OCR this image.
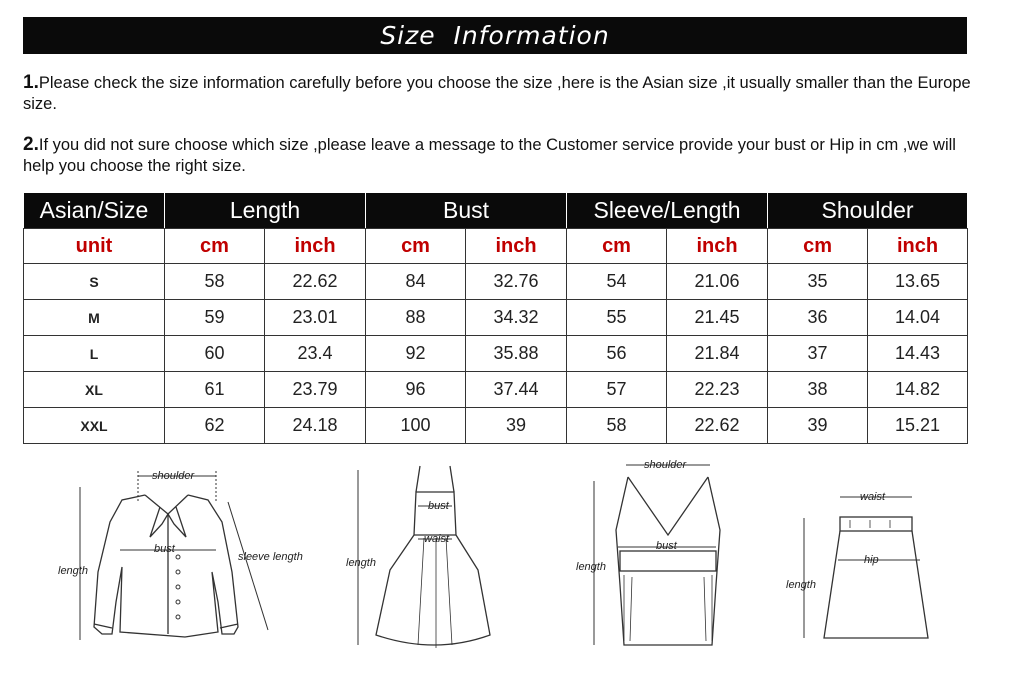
Size  Information
1.Please check the size information carefully before you choose the size ,here is the Asian size ,it usually smaller than the Europe size.
2.If you did not sure choose which size ,please leave a message to the Customer service provide your bust or Hip in cm ,we will help you choose the right size.
Asian/Size	Length		Bust		Sleeve/Length		Shoulder	
unit	cm	inch	cm	inch	cm	inch	cm	inch
S	58	22.62	84	32.76	54	21.06	35	13.65
M	59	23.01	88	34.32	55	21.45	36	14.04
L	60	23.4	92	35.88	56	21.84	37	14.43
XL	61	23.79	96	37.44	57	22.23	38	14.82
XXL	62	24.18	100	39	58	22.62	39	15.21
shoulder
bust
length
sleeve length
bust
waist
length
shoulder
bust
length
waist
hip
length
